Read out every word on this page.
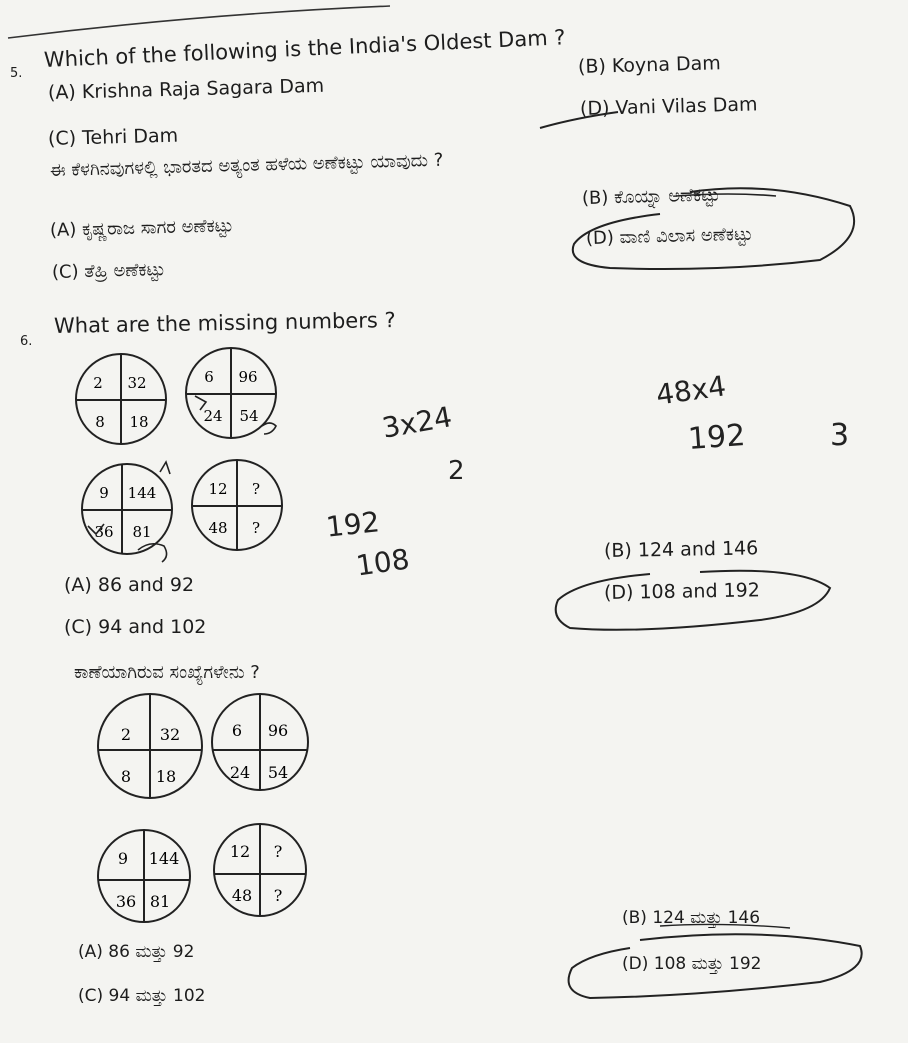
5.
Which of the following is the India's Oldest Dam ?
(A) Krishna Raja Sagara Dam
(B) Koyna Dam
(C) Tehri Dam
(D) Vani Vilas Dam
ಈ ಕೆಳಗಿನವುಗಳಲ್ಲಿ ಭಾರತದ ಅತ್ಯಂತ ಹಳೆಯ ಅಣೆಕಟ್ಟು ಯಾವುದು ?
(A) ಕೃಷ್ಣರಾಜ ಸಾಗರ ಅಣೆಕಟ್ಟು
(B) ಕೊಯ್ನಾ ಅಣೆಕಟ್ಟು
(C) ತೆಹ್ರಿ ಅಣೆಕಟ್ಟು
(D) ವಾಣಿ ವಿಲಾಸ ಅಣೆಕಟ್ಟು
6.
What are the missing numbers ?
2 32
8 18
6 96
24 54
9 144
36 81
12 ?
48 ?
(A) 86 and 92
(B) 124 and 146
(C) 94 and 102
(D) 108 and 192
ಕಾಣೆಯಾಗಿರುವ ಸಂಖ್ಯೆಗಳೇನು ?
2 32
8 18
6 96
24 54
9 144
36 81
12 ?
48 ?
(A) 86 ಮತ್ತು 92
(B) 124 ಮತ್ತು 146
(C) 94 ಮತ್ತು 102
(D) 108 ಮತ್ತು 192
3x24
2
48x4
192	3
192
108
